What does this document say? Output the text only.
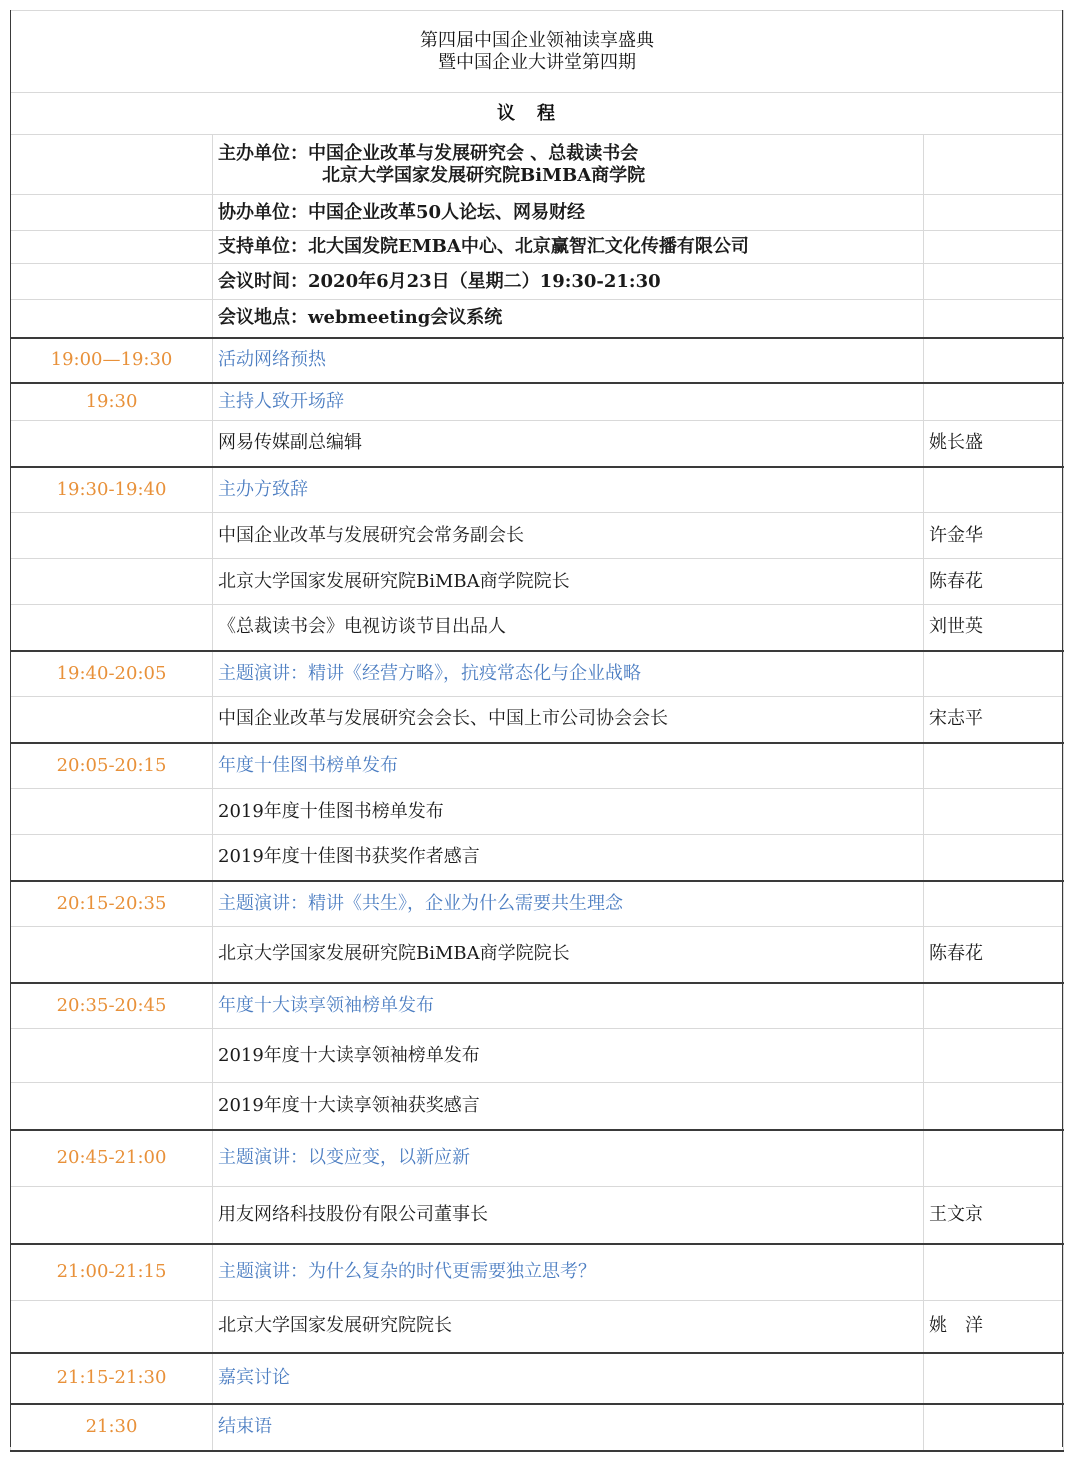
第四届中国企业领袖读享盛典
暨中国企业大讲堂第四期		
议程		
	主办单位：中国企业改革与发展研究会 、总裁读书会
北京大学国家发展研究院BiMBA商学院	

	协办单位：中国企业改革50人论坛、网易财经	
	支持单位：北大国发院EMBA中心、北京赢智汇文化传播有限公司	
	会议时间：2020年6月23日（星期二）19:30-21:30	
	会议地点：webmeeting会议系统	
19:00—19:30	活动网络预热	
19:30	主持人致开场辞	
	网易传媒副总编辑	姚长盛
19:30-19:40	主办方致辞	
	中国企业改革与发展研究会常务副会长	许金华
	北京大学国家发展研究院BiMBA商学院院长	陈春花
	《总裁读书会》电视访谈节目出品人	刘世英
19:40-20:05	主题演讲：精讲《经营方略》，抗疫常态化与企业战略	
	中国企业改革与发展研究会会长、中国上市公司协会会长	宋志平
20:05-20:15	年度十佳图书榜单发布	
	2019年度十佳图书榜单发布	
	2019年度十佳图书获奖作者感言	
20:15-20:35	主题演讲：精讲《共生》，企业为什么需要共生理念	
	北京大学国家发展研究院BiMBA商学院院长	陈春花
20:35-20:45	年度十大读享领袖榜单发布	
	2019年度十大读享领袖榜单发布	
	2019年度十大读享领袖获奖感言	
20:45-21:00	主题演讲：以变应变，以新应新	
	用友网络科技股份有限公司董事长	王文京
21:00-21:15	主题演讲：为什么复杂的时代更需要独立思考？	
	北京大学国家发展研究院院长	姚　洋
21:15-21:30	嘉宾讨论	
21:30	结束语	
